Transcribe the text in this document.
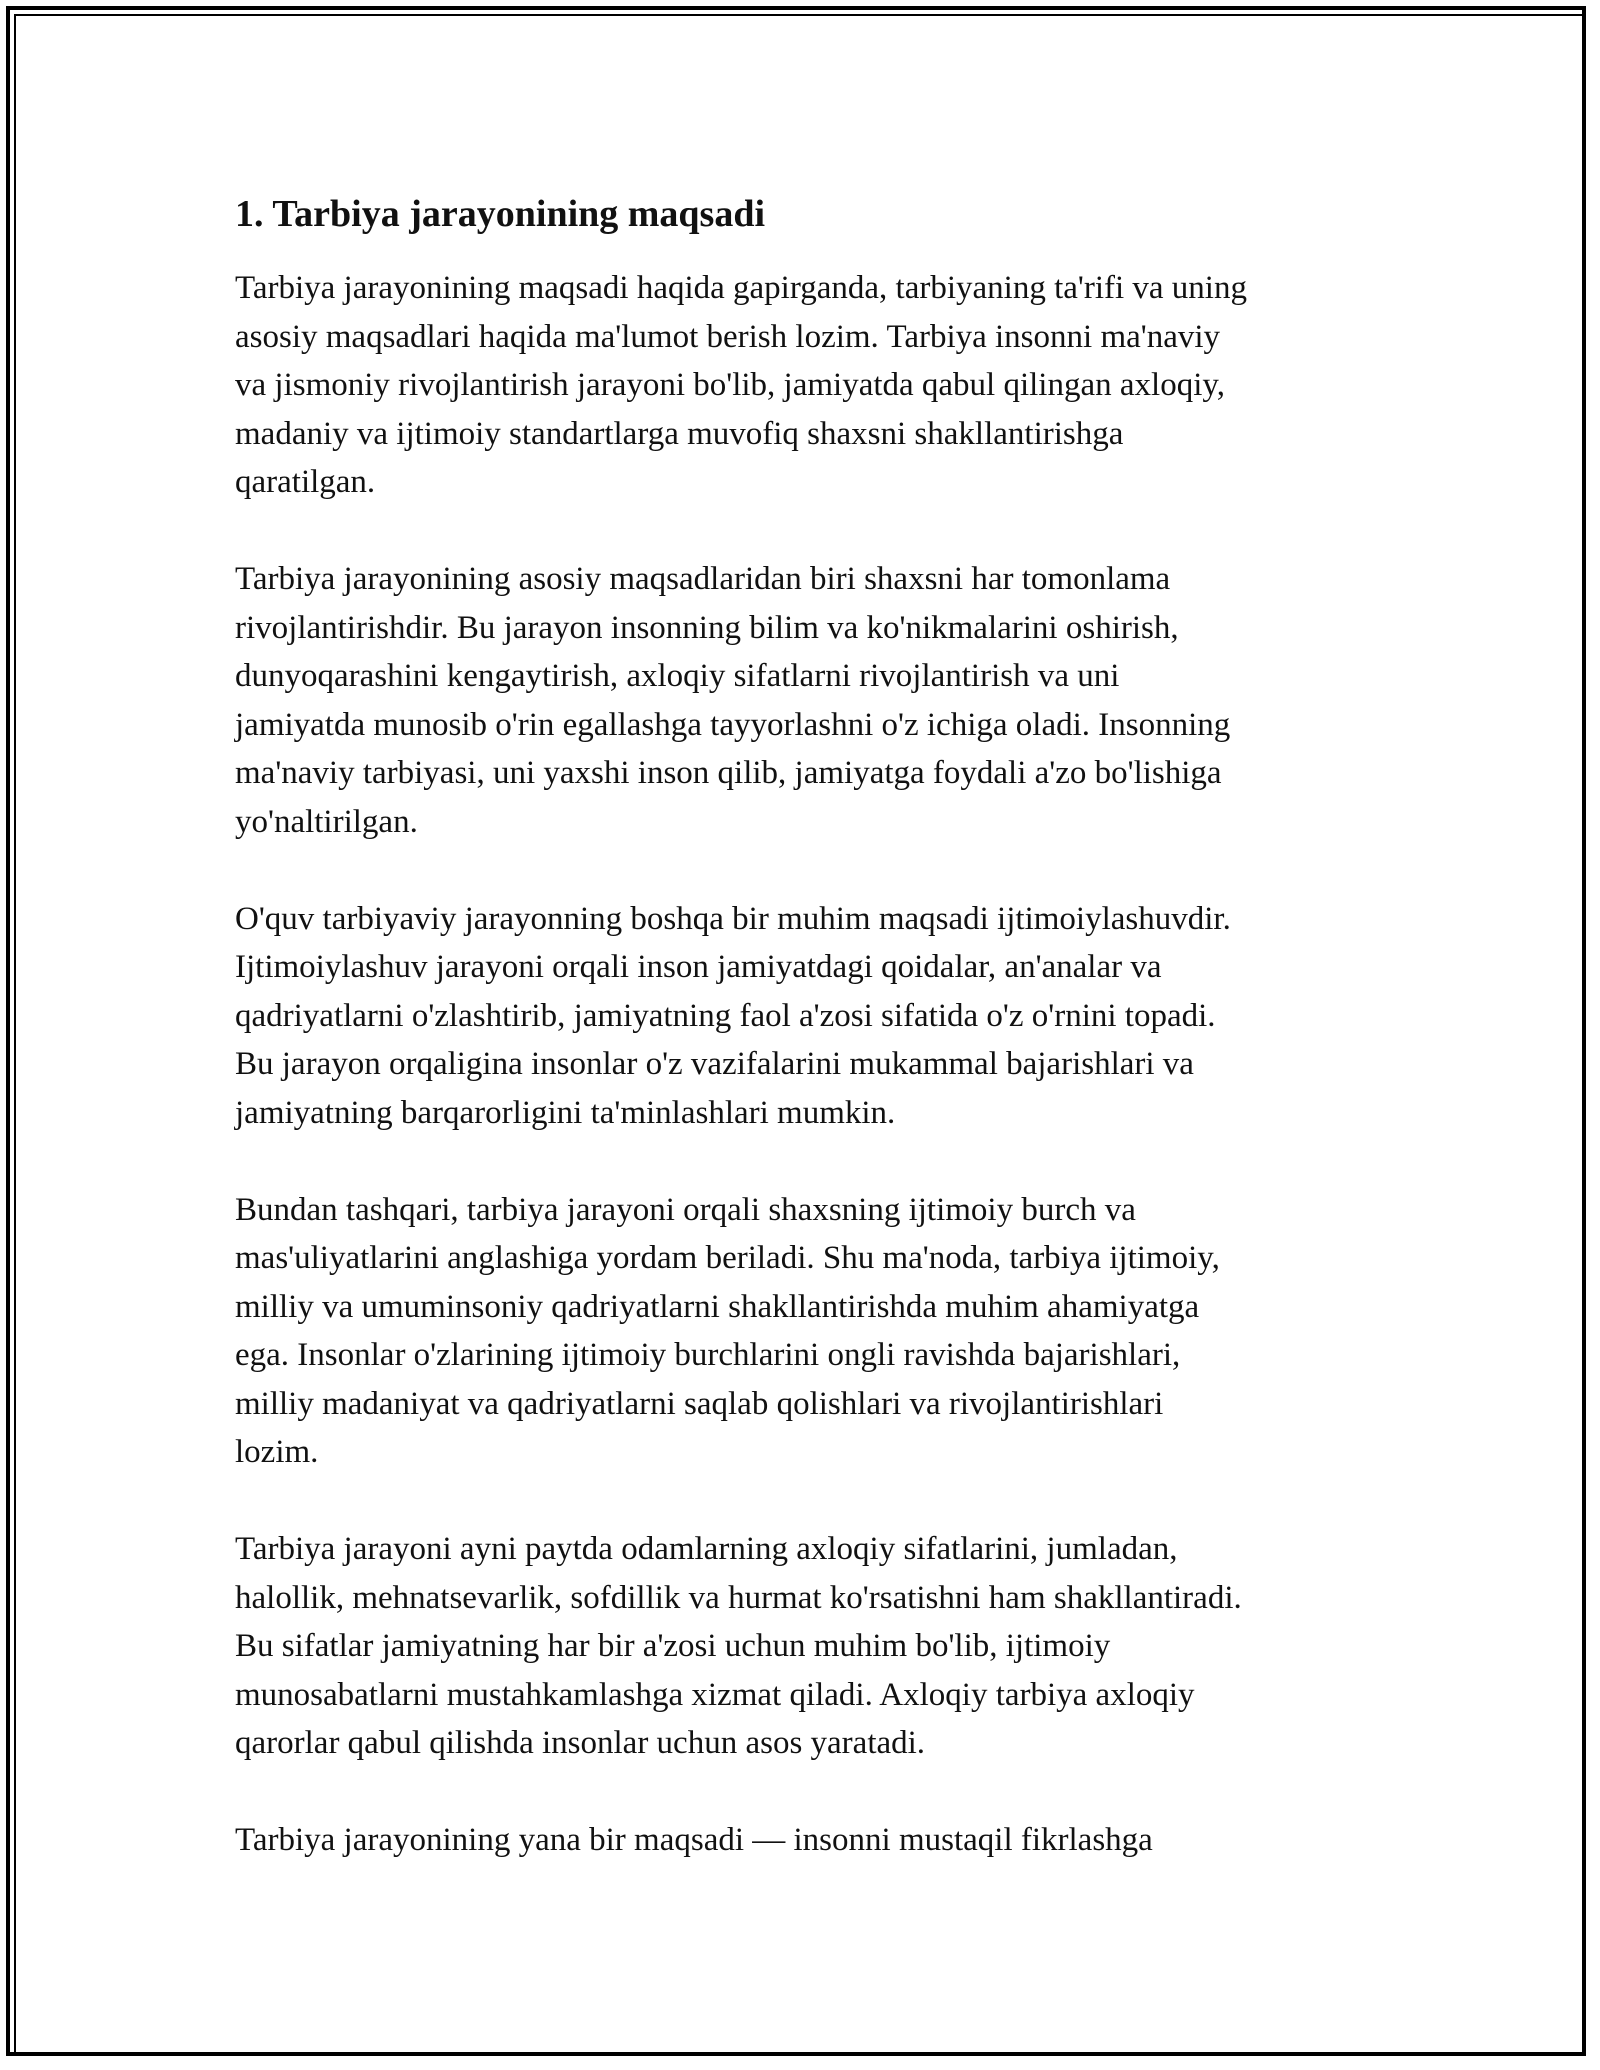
1. Tarbiya jarayonining maqsadi
Tarbiya jarayonining maqsadi haqida gapirganda, tarbiyaning ta'rifi va uning
asosiy maqsadlari haqida ma'lumot berish lozim. Tarbiya insonni ma'naviy
va jismoniy rivojlantirish jarayoni bo'lib, jamiyatda qabul qilingan axloqiy,
madaniy va ijtimoiy standartlarga muvofiq shaxsni shakllantirishga
qaratilgan.
Tarbiya jarayonining asosiy maqsadlaridan biri shaxsni har tomonlama
rivojlantirishdir. Bu jarayon insonning bilim va ko'nikmalarini oshirish,
dunyoqarashini kengaytirish, axloqiy sifatlarni rivojlantirish va uni
jamiyatda munosib o'rin egallashga tayyorlashni o'z ichiga oladi. Insonning
ma'naviy tarbiyasi, uni yaxshi inson qilib, jamiyatga foydali a'zo bo'lishiga
yo'naltirilgan.
O'quv tarbiyaviy jarayonning boshqa bir muhim maqsadi ijtimoiylashuvdir.
Ijtimoiylashuv jarayoni orqali inson jamiyatdagi qoidalar, an'analar va
qadriyatlarni o'zlashtirib, jamiyatning faol a'zosi sifatida o'z o'rnini topadi.
Bu jarayon orqaligina insonlar o'z vazifalarini mukammal bajarishlari va
jamiyatning barqarorligini ta'minlashlari mumkin.
Bundan tashqari, tarbiya jarayoni orqali shaxsning ijtimoiy burch va
mas'uliyatlarini anglashiga yordam beriladi. Shu ma'noda, tarbiya ijtimoiy,
milliy va umuminsoniy qadriyatlarni shakllantirishda muhim ahamiyatga
ega. Insonlar o'zlarining ijtimoiy burchlarini ongli ravishda bajarishlari,
milliy madaniyat va qadriyatlarni saqlab qolishlari va rivojlantirishlari
lozim.
Tarbiya jarayoni ayni paytda odamlarning axloqiy sifatlarini, jumladan,
halollik, mehnatsevarlik, sofdillik va hurmat ko'rsatishni ham shakllantiradi.
Bu sifatlar jamiyatning har bir a'zosi uchun muhim bo'lib, ijtimoiy
munosabatlarni mustahkamlashga xizmat qiladi. Axloqiy tarbiya axloqiy
qarorlar qabul qilishda insonlar uchun asos yaratadi.
Tarbiya jarayonining yana bir maqsadi — insonni mustaqil fikrlashga
